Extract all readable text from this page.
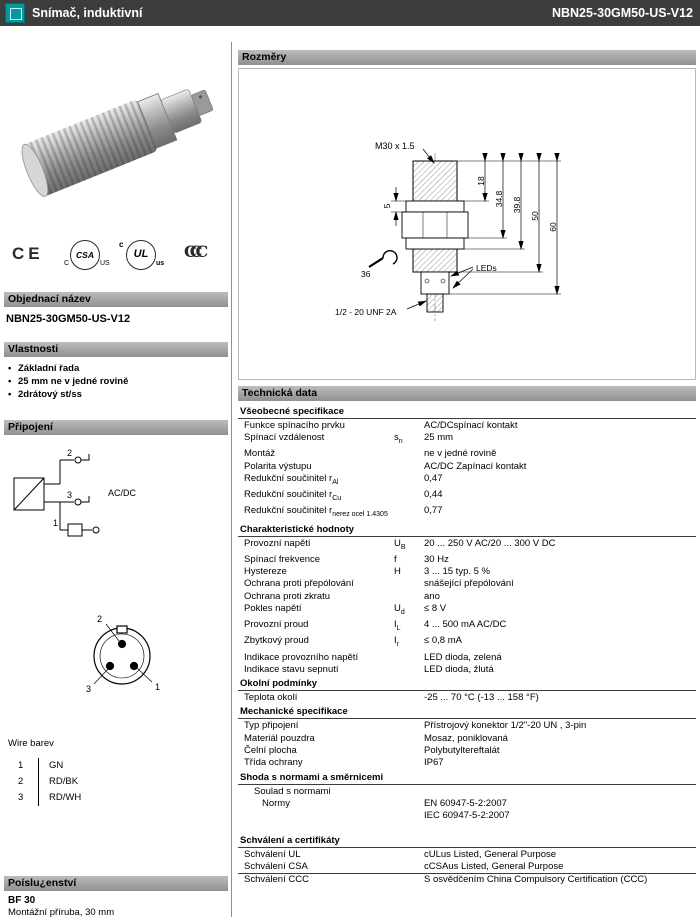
Snímač, induktivní	NBN25-30GM50-US-V12
CE	CSA
C	US
c
UL
us
CCC
Objednací název
NBN25-30GM50-US-V12
Vlastnosti
• Základní řada
• 25 mm ne v jedné rovině
• 2drátový st/ss
Připojení
2
3
1
AC/DC
2
1
3
Wire barev
1	GN
2	RD/BK
3	RD/WH
Poíslu¿enství
BF 30
Montážní příruba, 30 mm
Rozměry
M30 x 1.5
18
34.8 39.8
50
60
5
36
LEDs
1/2 - 20 UNF 2A
Technická data
Všeobecné specifikace
Funkce spínacího prvku	AC/DCspínací kontakt
Spínací vzdálenost	$s_n$	25 mm
Montáž	ne v jedné rovině
Polarita výstupu	AC/DC Zapínací kontakt
Redukční součinitel $r_{Al}$	0,47
Redukční součinitel $r_{Cu}$	0,44
Redukční součinitel $r_{nerez ocel 1.4305}$	0,77
Charakteristické hodnoty
Provozní napětí	$U_B$	20 ... 250 V AC/20 ... 300 V DC
Spínací frekvence	f	30 Hz
Hystereze	H	3 ... 15 typ. 5 %
Ochrana proti přepólování	snášející přepólování
Ochrana proti zkratu	ano
Pokles napětí	$U_d$	≤ 8 V
Provozní proud	$I_L$	4 ... 500 mA AC/DC
Zbytkový proud	$I_r$	≤ 0,8 mA
Indikace provozního napětí	LED dioda, zelená
Indikace stavu sepnutí	LED dioda, žlutá
Okolní podmínky
Teplota okolí	-25 ... 70 °C (-13 ... 158 °F)
Mechanické specifikace
Typ připojení	Přístrojový konektor 1/2"-20 UN , 3-pin
Materiál pouzdra	Mosaz, poniklovaná
Čelní plocha	Polybutyltereftalát
Třída ochrany	IP67
Shoda s normami a směrnicemi
Soulad s normami
Normy	EN 60947-5-2:2007
IEC 60947-5-2:2007
Schválení a certifikáty
Schválení UL	cULus Listed, General Purpose
Schválení CSA	cCSAus Listed, General Purpose
Schválení CCC	S osvědčením China Compulsory Certification (CCC)
